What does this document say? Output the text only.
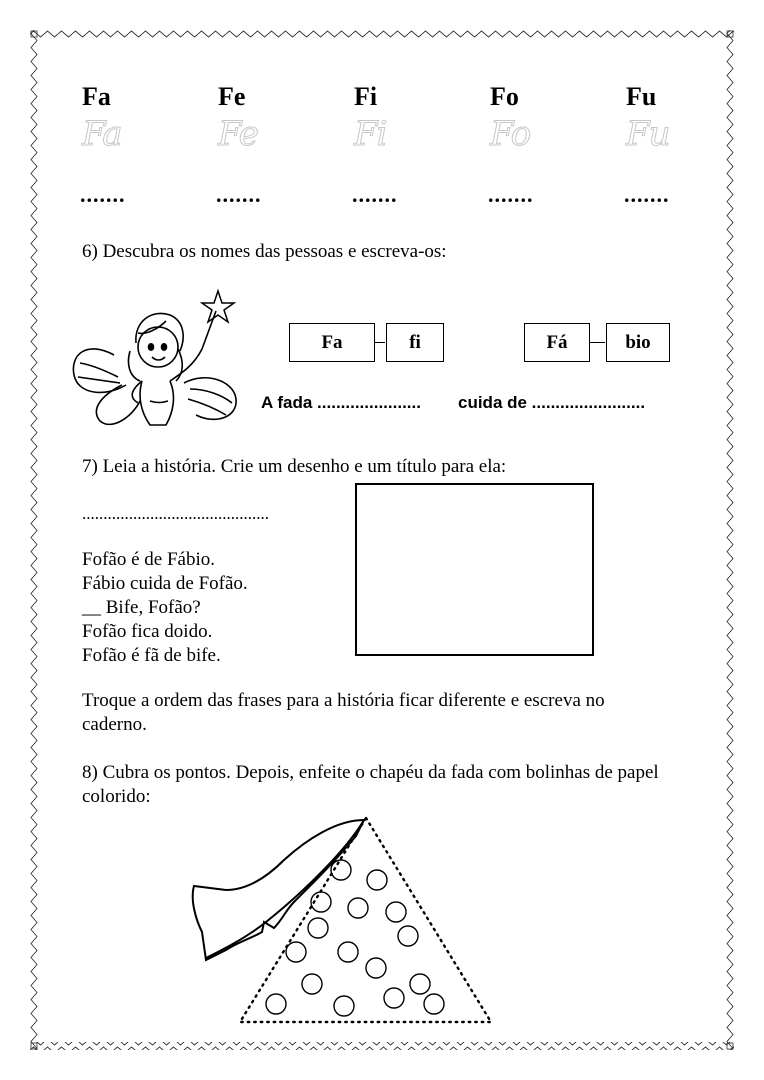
Fa	Fe	Fi	Fo	Fu
Fa	Fe	Fi	Fo	Fu
.......	.......	.......	.......	.......
6) Descubra os nomes das pessoas e escreva-os:
Fa	fi	Fá	bio
A fada ...................... cuida de ........................
7) Leia a história. Crie um desenho e um título para ela:
............................................
Fofão é de Fábio.
Fábio cuida de Fofão.
__ Bife, Fofão?
Fofão fica doido.
Fofão é fã de bife.
Troque a ordem das frases para a história ficar diferente e escreva no
caderno.
8) Cubra os pontos. Depois, enfeite o chapéu da fada com bolinhas de papel
colorido:
